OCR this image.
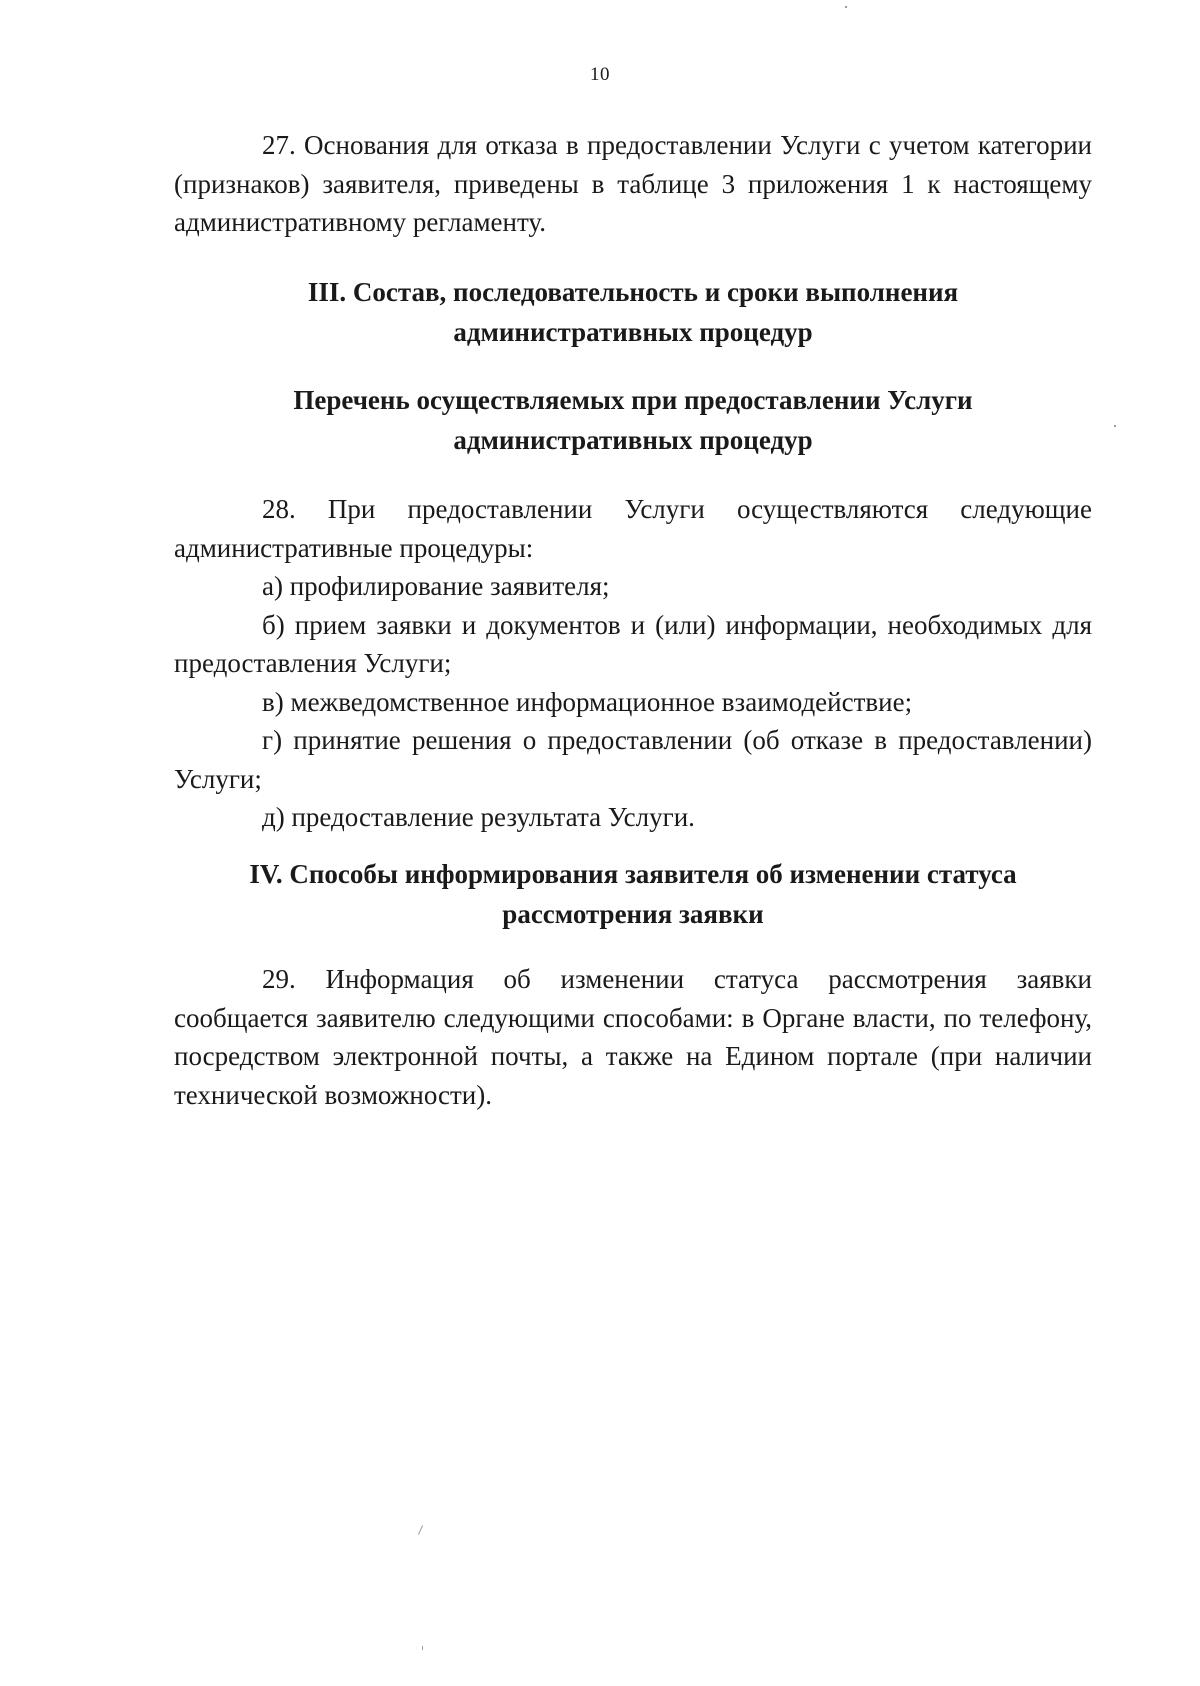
10

27. Основания для отказа в предоставлении Услуги с учетом категории (признаков) заявителя, приведены в таблице 3 приложения 1 к настоящему административному регламенту.

III. Состав, последовательность и сроки выполнения
административных процедур
Перечень осуществляемых при предоставлении Услуги
административных процедур

28. При предоставлении Услуги осуществляются следующие административные процедуры:

а) профилирование заявителя;

б) прием заявки и документов и (или) информации, необходимых для предоставления Услуги;

в) межведомственное информационное взаимодействие;

г) принятие решения о предоставлении (об отказе в предоставлении) Услуги;

д) предоставление результата Услуги.

IV. Способы информирования заявителя об изменении статуса
рассмотрения заявки

29. Информация об изменении статуса рассмотрения заявки сообщается заявителю следующими способами: в Органе власти, по телефону, посредством электронной почты, а также на Едином портале (при наличии технической возможности).
